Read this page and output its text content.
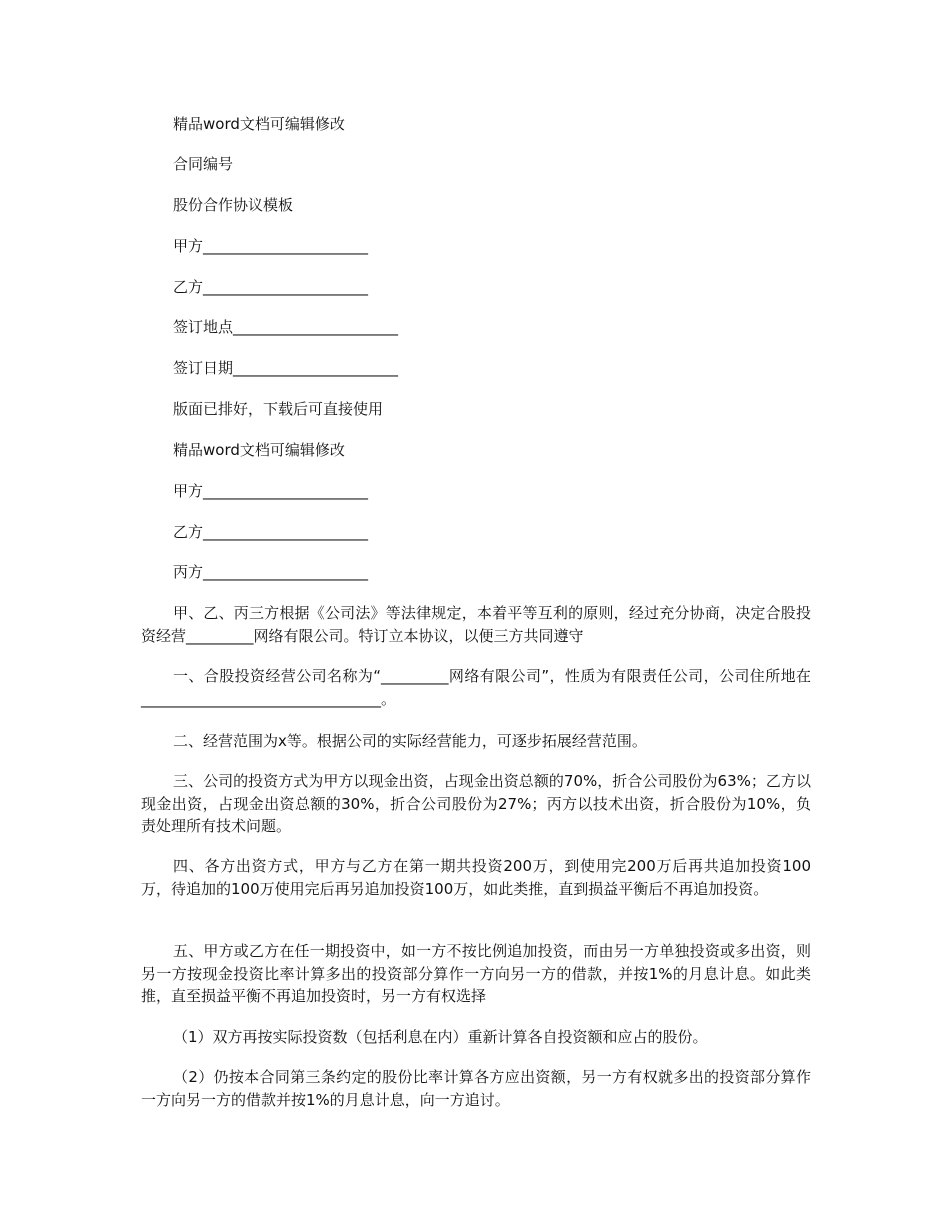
精品word文档可编辑修改

合同编号

股份合作协议模板

甲方______________________

乙方______________________

签订地点______________________

签订日期______________________

版面已排好，下载后可直接使用

精品word文档可编辑修改

甲方______________________

乙方______________________

丙方______________________

甲、乙、丙三方根据《公司法》等法律规定，本着平等互利的原则，经过充分协商，决定合股投资经营_________网络有限公司。特订立本协议，以便三方共同遵守

一、合股投资经营公司名称为“_________网络有限公司”，性质为有限责任公司，公司住所地在________________________________。

二、经营范围为x等。根据公司的实际经营能力，可逐步拓展经营范围。

三、公司的投资方式为甲方以现金出资，占现金出资总额的70%，折合公司股份为63%；乙方以现金出资，占现金出资总额的30%，折合公司股份为27%；丙方以技术出资，折合股份为10%，负责处理所有技术问题。

四、各方出资方式，甲方与乙方在第一期共投资200万，到使用完200万后再共追加投资100万，待追加的100万使用完后再另追加投资100万，如此类推，直到损益平衡后不再追加投资。

五、甲方或乙方在任一期投资中，如一方不按比例追加投资，而由另一方单独投资或多出资，则另一方按现金投资比率计算多出的投资部分算作一方向另一方的借款，并按1%的月息计息。如此类推，直至损益平衡不再追加投资时，另一方有权选择

（1）双方再按实际投资数（包括利息在内）重新计算各自投资额和应占的股份。

（2）仍按本合同第三条约定的股份比率计算各方应出资额，另一方有权就多出的投资部分算作一方向另一方的借款并按1%的月息计息，向一方追讨。
